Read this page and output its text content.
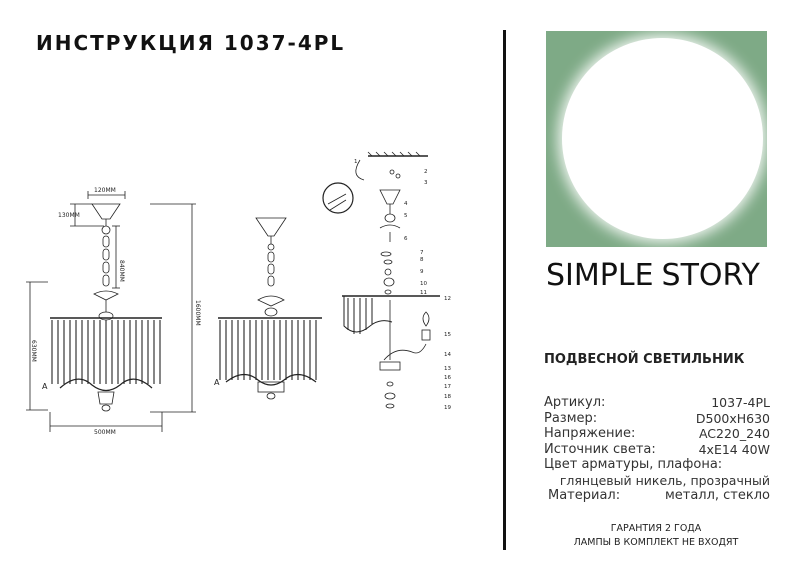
ИНСТРУКЦИЯ 1037-4PL
120MM
130MM
840MM
1600MM
630MM
500MM
A	A
1
2
3
4
5
6
7
8
9
10
11
12
13
14
15
16
17
18
19
SIMPLE STORY
ПОДВЕСНОЙ СВЕТИЛЬНИК
Артикул:	1037-4PL
Размер:	D500xH630
Напряжение:	AC220_240
Источник света:	4xE14 40W
Цвет арматуры, плафона:
глянцевый никель, прозрачный
Материал:	металл, стекло
ГАРАНТИЯ 2 ГОДА
ЛАМПЫ В КОМПЛЕКТ НЕ ВХОДЯТ
